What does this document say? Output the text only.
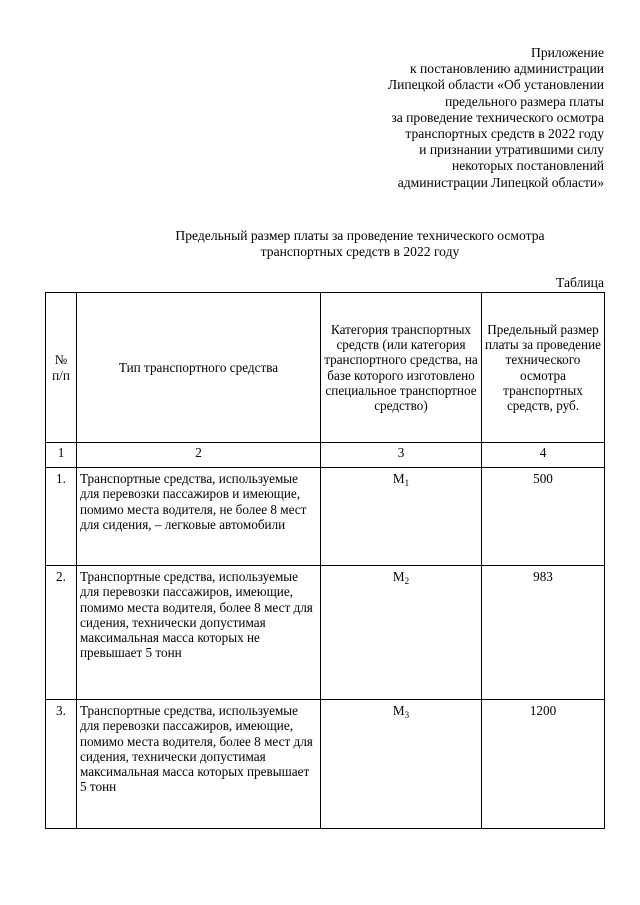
Приложение
к постановлению администрации
Липецкой области «Об установлении
предельного размера платы
за проведение технического осмотра
транспортных средств в 2022 году
и признании утратившими силу
некоторых постановлений
администрации Липецкой области»
Предельный размер платы за проведение технического осмотра
транспортных средств в 2022 году
Таблица
№ п/п	Тип транспортного средства	Категория транспортных средств (или категория транспортного средства, на базе которого изготовлено специальное транспортное средство)	Предельный размер платы за проведение технического осмотра транспортных средств, руб.
1	2	3	4
1.	Транспортные средства, используемые для перевозки пассажиров и имеющие, помимо места водителя, не более 8 мест для сидения, – легковые автомобили	$М_1$	500
2.	Транспортные средства, используемые для перевозки пассажиров, имеющие, помимо места водителя, более 8 мест для сидения, технически допустимая максимальная масса которых не превышает 5 тонн	$М_2$	983
3.	Транспортные средства, используемые для перевозки пассажиров, имеющие, помимо места водителя, более 8 мест для сидения, технически допустимая максимальная масса которых превышает 5 тонн	$М_3$	1200
